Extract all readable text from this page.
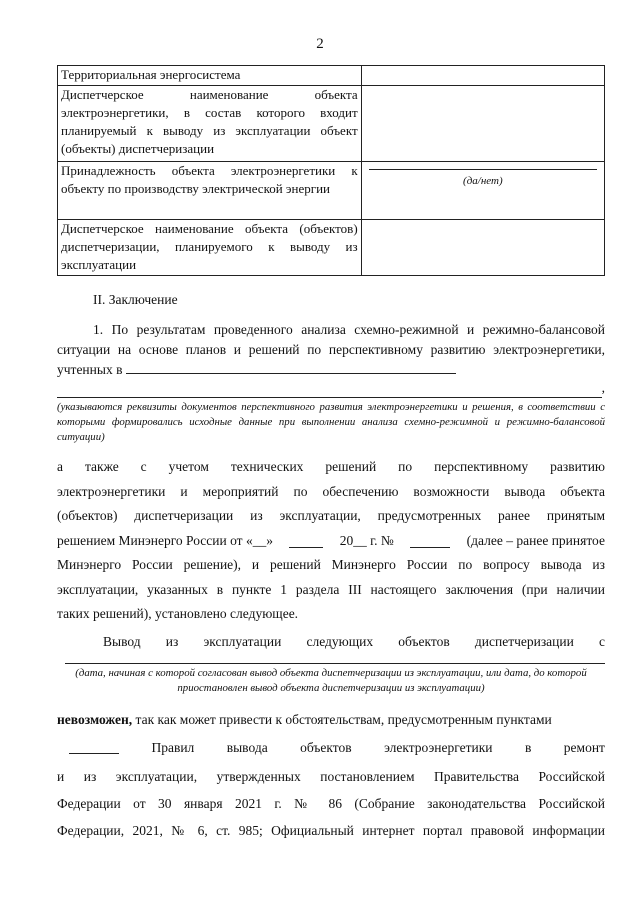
2
Территориальная энергосистема	
Диспетчерское наименование объекта электроэнергетики, в состав которого входит планируемый к выводу из эксплуатации объект (объекты) диспетчеризации	
Принадлежность объекта электроэнергетики к объекту по производству электрической энергии	(да/нет)

Диспетчерское наименование объекта (объектов) диспетчеризации, планируемого к выводу из эксплуатации	
II. Заключение
1. По результатам проведенного анализа схемно-режимной и режимно-балансовой ситуации на основе планов и решений по перспективному развитию электроэнергетики, учтенных в
,
(указываются реквизиты документов перспективного развития электроэнергетики и решения, в соответствии с которыми формировались исходные данные при выполнении анализа схемно-режимной и режимно-балансовой ситуации)
а также с учетом технических решений по перспективному развитию
электроэнергетики и мероприятий по обеспечению возможности вывода объекта
(объектов) диспетчеризации из эксплуатации, предусмотренных ранее принятым
решением Минэнерго России от «__»	20__ г. №	(далее – ранее принятое
Минэнерго России решение), и решений Минэнерго России по вопросу вывода из
эксплуатации, указанных в пункте 1 раздела III настоящего заключения (при наличии
таких решений), установлено следующее.
Вывод из эксплуатации следующих объектов диспетчеризации с
(дата, начиная с которой согласован вывод объекта диспетчеризации из эксплуатации, или дата, до которой приостановлен вывод объекта диспетчеризации из эксплуатации)
невозможен, так как может привести к обстоятельствам, предусмотренным пунктами
Правил вывода объектов электроэнергетики в ремонт
и из эксплуатации, утвержденных постановлением Правительства Российской
Федерации от 30 января 2021 г. № 86 (Собрание законодательства Российской
Федерации, 2021, № 6, ст. 985; Официальный интернет портал правовой информации
